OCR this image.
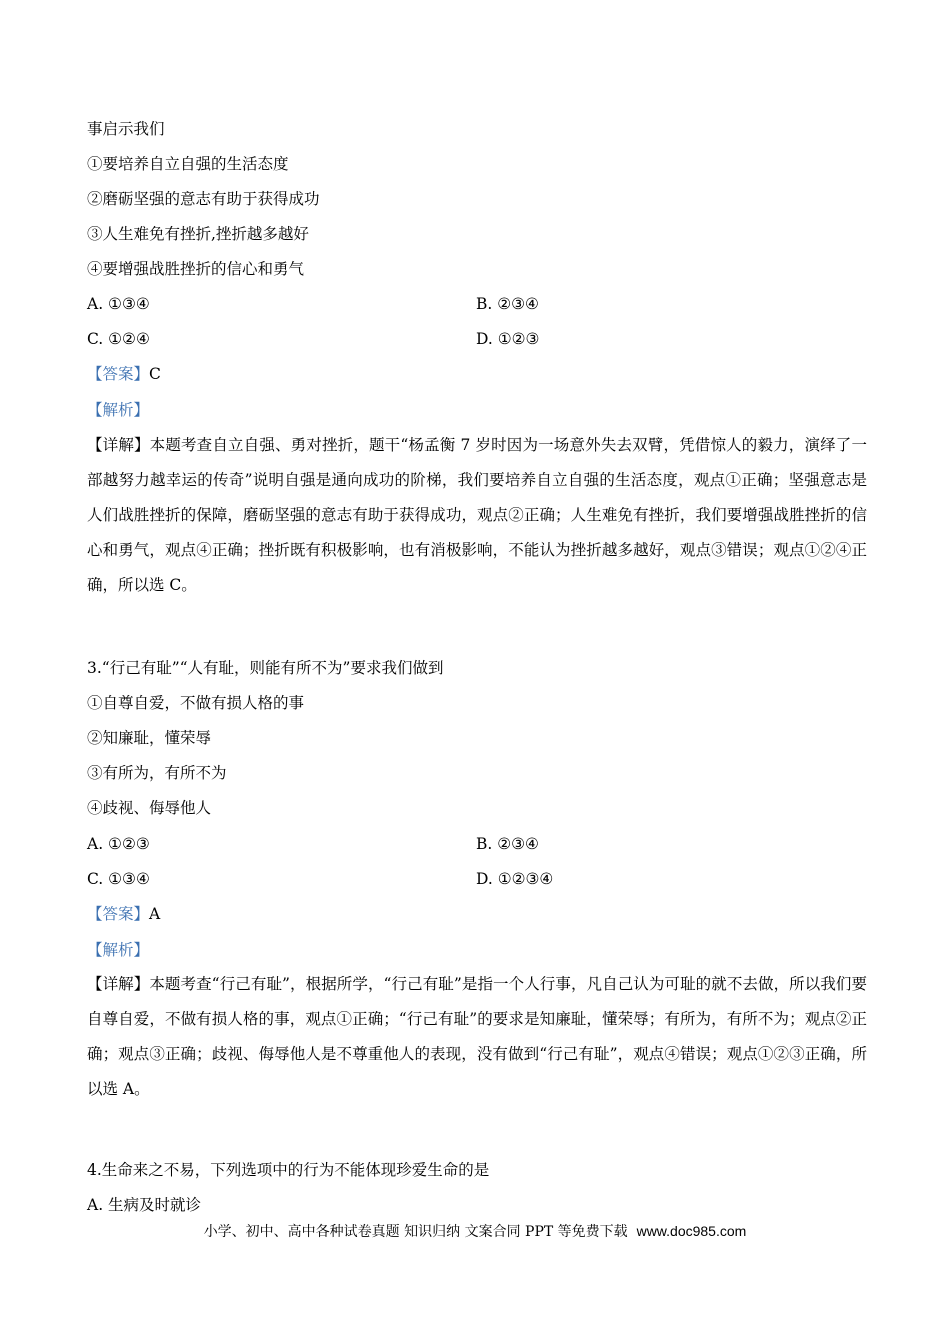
事启示我们
①要培养自立自强的生活态度
②磨砺坚强的意志有助于获得成功
③人生难免有挫折,挫折越多越好
④要增强战胜挫折的信心和勇气
A. ①③④	B. ②③④
C. ①②④	D. ①②③
【答案】C
【解析】
【详解】本题考查自立自强、勇对挫折，题干“杨孟衡 7 岁时因为一场意外失去双臂，凭借惊人的毅力，演绎了一部越努力越幸运的传奇”说明自强是通向成功的阶梯，我们要培养自立自强的生活态度，观点①正确；坚强意志是人们战胜挫折的保障，磨砺坚强的意志有助于获得成功，观点②正确；人生难免有挫折，我们要增强战胜挫折的信心和勇气，观点④正确；挫折既有积极影响，也有消极影响，不能认为挫折越多越好，观点③错误；观点①②④正确，所以选 C。
3.“行己有耻”“人有耻，则能有所不为”要求我们做到
①自尊自爱，不做有损人格的事
②知廉耻，懂荣辱
③有所为，有所不为
④歧视、侮辱他人
A. ①②③	B. ②③④
C. ①③④	D. ①②③④
【答案】A
【解析】
【详解】本题考查“行己有耻”，根据所学，“行己有耻”是指一个人行事，凡自己认为可耻的就不去做，所以我们要自尊自爱，不做有损人格的事，观点①正确；“行己有耻”的要求是知廉耻，懂荣辱；有所为，有所不为；观点②正确；观点③正确；歧视、侮辱他人是不尊重他人的表现，没有做到“行己有耻”，观点④错误；观点①②③正确，所以选 A。
4.生命来之不易，下列选项中的行为不能体现珍爱生命的是
A. 生病及时就诊
小学、初中、高中各种试卷真题 知识归纳 文案合同 PPT 等免费下载 www.doc985.com
